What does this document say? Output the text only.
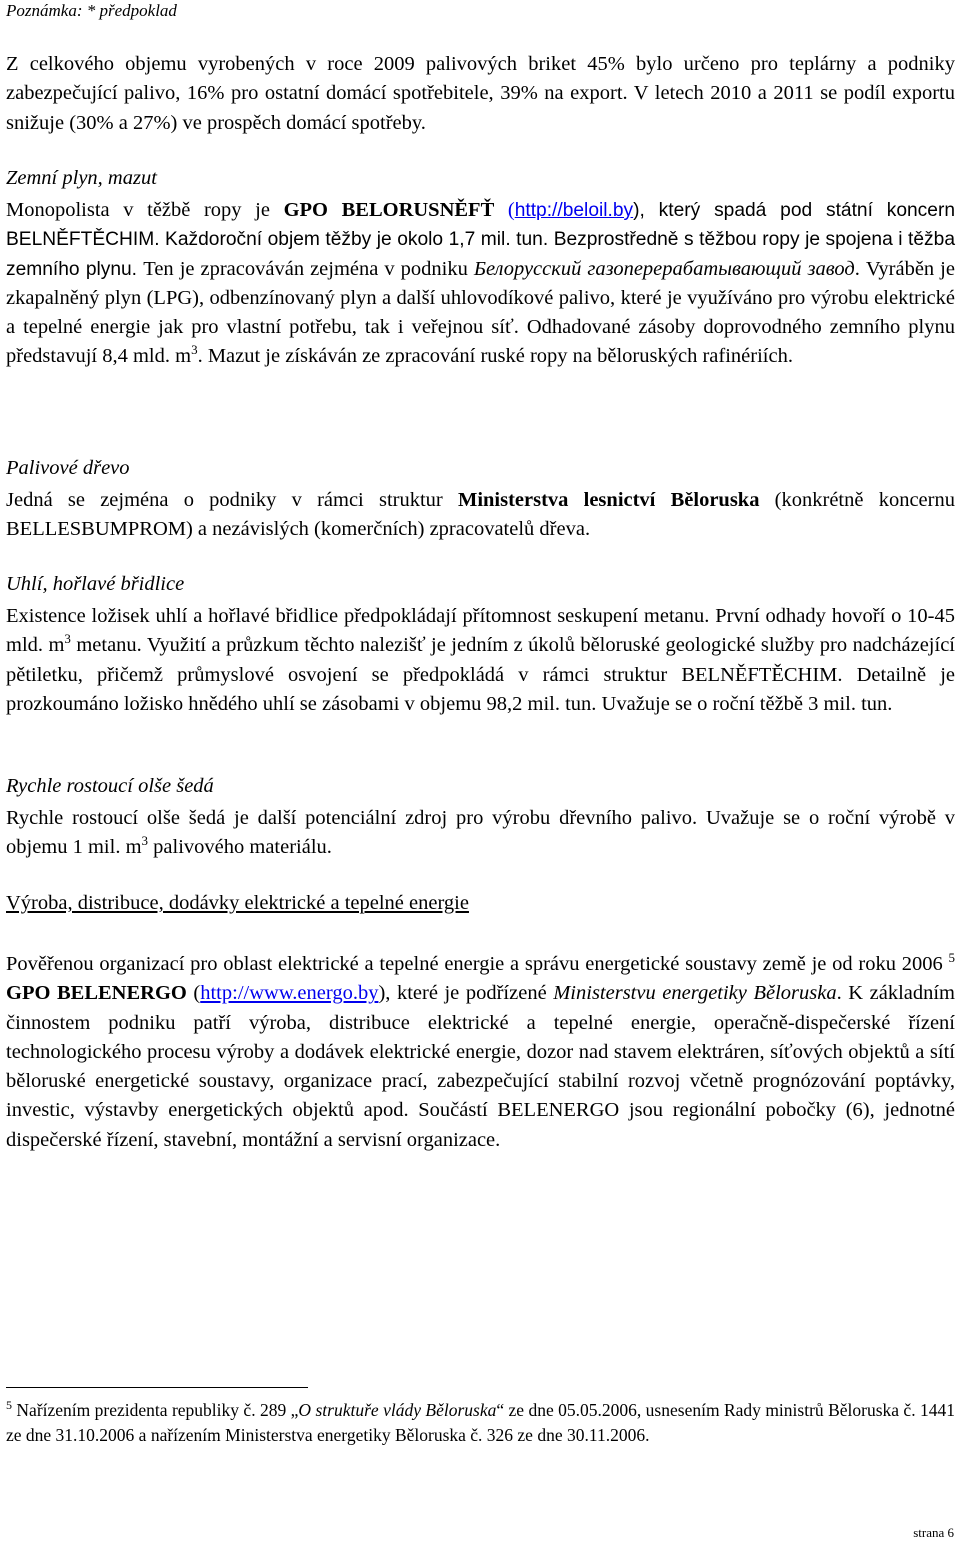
Poznámka: * předpoklad

Z celkového objemu vyrobených v roce 2009 palivových briket 45% bylo určeno pro teplárny a podniky zabezpečující palivo, 16% pro ostatní domácí spotřebitele, 39% na export. V letech 2010 a 2011 se podíl exportu snižuje (30% a 27%) ve prospěch domácí spotřeby.

Zemní plyn, mazut

Monopolista v těžbě ropy je GPO BELORUSNĚFŤ (http://beloil.by), který spadá pod státní koncern BELNĚFTĚCHIM. Každoroční objem těžby je okolo 1,7 mil. tun. Bezprostředně s těžbou ropy je spojena i těžba zemního plynu. Ten je zpracováván zejména v podniku Белорусский газоперерабатывающий завод. Vyráběn je zkapalněný plyn (LPG), odbenzínovaný plyn a další uhlovodíkové palivo, které je využíváno pro výrobu elektrické a tepelné energie jak pro vlastní potřebu, tak i veřejnou síť. Odhadované zásoby doprovodného zemního plynu představují 8,4 mld. $m^3$. Mazut je získáván ze zpracování ruské ropy na běloruských rafinériích.

Palivové dřevo

Jedná se zejména o podniky v rámci struktur Ministerstva lesnictví Běloruska (konkrétně koncernu BELLESBUMPROM) a nezávislých (komerčních) zpracovatelů dřeva.

Uhlí, hořlavé břidlice

Existence ložisek uhlí a hořlavé břidlice předpokládají přítomnost seskupení metanu. První odhady hovoří o 10-45 mld. $m^3$ metanu. Využití a průzkum těchto nalezišť je jedním z úkolů běloruské geologické služby pro nadcházející pětiletku, přičemž průmyslové osvojení se předpokládá v rámci struktur BELNĚFTĚCHIM. Detailně je prozkoumáno ložisko hnědého uhlí se zásobami v objemu 98,2 mil. tun. Uvažuje se o roční těžbě 3 mil. tun.

Rychle rostoucí olše šedá

Rychle rostoucí olše šedá je další potenciální zdroj pro výrobu dřevního palivo. Uvažuje se o roční výrobě v objemu 1 mil. $m^3$ palivového materiálu.

Výroba, distribuce, dodávky elektrické a tepelné energie

Pověřenou organizací pro oblast elektrické a tepelné energie a správu energetické soustavy země je od roku 2006 $^5$ GPO BELENERGO (http://www.energo.by), které je podřízené Ministerstvu energetiky Běloruska. K základním činnostem podniku patří výroba, distribuce elektrické a tepelné energie, operačně-dispečerské řízení technologického procesu výroby a dodávek elektrické energie, dozor nad stavem elektráren, síťových objektů a sítí běloruské energetické soustavy, organizace prací, zabezpečující stabilní rozvoj včetně prognózování poptávky, investic, výstavby energetických objektů apod. Součástí BELENERGO jsou regionální pobočky (6), jednotné dispečerské řízení, stavební, montážní a servisní organizace.

$^5$ Nařízením prezidenta republiky č. 289 „O struktuře vlády Běloruska“ ze dne 05.05.2006, usnesením Rady ministrů Běloruska č. 1441 ze dne 31.10.2006 a nařízením Ministerstva energetiky Běloruska č. 326 ze dne 30.11.2006.

strana 6
